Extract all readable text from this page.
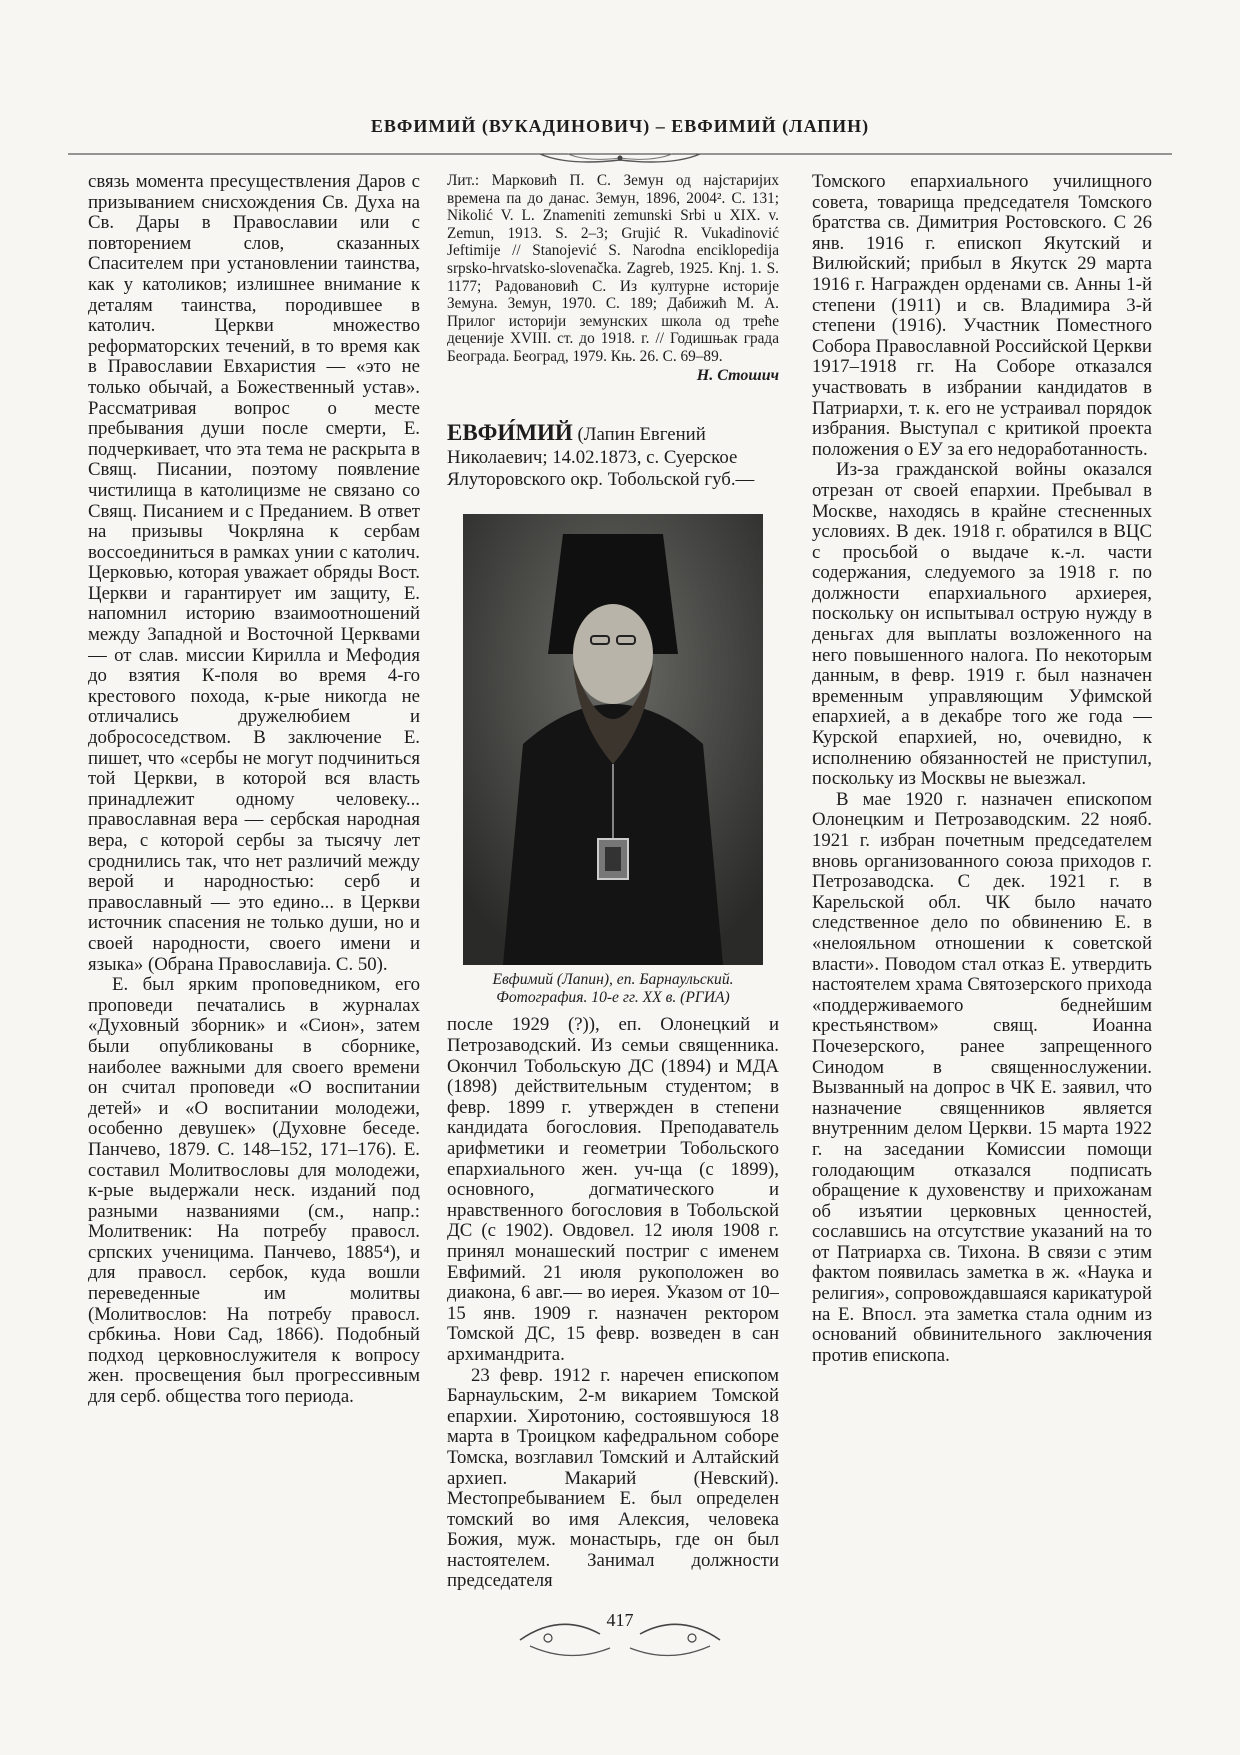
ЕВФИМИЙ (ВУКАДИНОВИЧ) – ЕВФИМИЙ (ЛАПИН)

связь момента пресуществления Даров с призыванием снисхождения Св. Духа на Св. Дары в Православии или с повторением слов, сказанных Спасителем при установлении таинства, как у католиков; излишнее внимание к деталям таинства, породившее в католич. Церкви множество реформаторских течений, в то время как в Православии Евхаристия — «это не только обычай, а Божественный устав». Рассматривая вопрос о месте пребывания души после смерти, Е. подчеркивает, что эта тема не раскрыта в Свящ. Писании, поэтому появление чистилища в католицизме не связано со Свящ. Писанием и с Преданием. В ответ на призывы Чокрляна к сербам воссоединиться в рамках унии с католич. Церковью, которая уважает обряды Вост. Церкви и гарантирует им защиту, Е. напомнил историю взаимоотношений между Западной и Восточной Церквами — от слав. миссии Кирилла и Мефодия до взятия К-поля во время 4-го крестового похода, к-рые никогда не отличались дружелюбием и добрососедством. В заключение Е. пишет, что «сербы не могут подчиниться той Церкви, в которой вся власть принадлежит одному человеку... православная вера — сербская народная вера, с которой сербы за тысячу лет сроднились так, что нет различий между верой и народностью: серб и православный — это едино... в Церкви источник спасения не только души, но и своей народности, своего имени и языка» (Обрана Православиjа. С. 50).

Е. был ярким проповедником, его проповеди печатались в журналах «Духовный зборник» и «Сион», затем были опубликованы в сборнике, наиболее важными для своего времени он считал проповеди «О воспитании детей» и «О воспитании молодежи, особенно девушек» (Духовне беседе. Панчево, 1879. С. 148–152, 171–176). Е. составил Молитвословы для молодежи, к-рые выдержали неск. изданий под разными названиями (см., напр.: Молитвеник: На потребу правосл. српских ученицима. Панчево, 1885⁴), и для правосл. сербок, куда вошли переведенные им молитвы (Молитвослов: На потребу правосл. србкиња. Нови Сад, 1866). Подобный подход церковнослужителя к вопросу жен. просвещения был прогрессивным для серб. общества того периода.

Лит.: Марковић П. С. Земун од најстаријих времена па до данас. Земун, 1896, 2004². С. 131; Nikolić V. L. Znameniti zemunski Srbi u XIX. v. Zemun, 1913. S. 2–3; Grujić R. Vukadinović Jeftimije // Stanojević S. Narodna enciklopedija srpsko-hrvatsko-slovenačka. Zagreb, 1925. Knj. 1. S. 1177; Радовановић С. Из културне историје Земуна. Земун, 1970. С. 189; Дабижић М. А. Прилог историји земунских школа од треће деценије XVIII. ст. до 1918. г. // Годишњак града Београда. Београд, 1979. Књ. 26. С. 69–89.
Н. Стошич
ЕВФИ́МИЙ (Лапин Евгений Николаевич; 14.02.1873, с. Суерское Ялуторовского окр. Тобольской губ.—
Евфимий (Лапин), еп. Барнаульский.
Фотография. 10-е гг. XX в. (РГИА)

после 1929 (?)), еп. Олонецкий и Петрозаводский. Из семьи священника. Окончил Тобольскую ДС (1894) и МДА (1898) действительным студентом; в февр. 1899 г. утвержден в степени кандидата богословия. Преподаватель арифметики и геометрии Тобольского епархиального жен. уч-ща (с 1899), основного, догматического и нравственного богословия в Тобольской ДС (с 1902). Овдовел. 12 июля 1908 г. принял монашеский постриг с именем Евфимий. 21 июля рукоположен во диакона, 6 авг.— во иерея. Указом от 10–15 янв. 1909 г. назначен ректором Томской ДС, 15 февр. возведен в сан архимандрита.

23 февр. 1912 г. наречен епископом Барнаульским, 2-м викарием Томской епархии. Хиротонию, состоявшуюся 18 марта в Троицком кафедральном соборе Томска, возглавил Томский и Алтайский архиеп. Макарий (Невский). Местопребыванием Е. был определен томский во имя Алексия, человека Божия, муж. монастырь, где он был настоятелем. Занимал должности председателя

Томского епархиального училищного совета, товарища председателя Томского братства св. Димитрия Ростовского. С 26 янв. 1916 г. епископ Якутский и Вилюйский; прибыл в Якутск 29 марта 1916 г. Награжден орденами св. Анны 1-й степени (1911) и св. Владимира 3-й степени (1916). Участник Поместного Собора Православной Российской Церкви 1917–1918 гг. На Соборе отказался участвовать в избрании кандидатов в Патриархи, т. к. его не устраивал порядок избрания. Выступал с критикой проекта положения о ЕУ за его недоработанность.

Из-за гражданской войны оказался отрезан от своей епархии. Пребывал в Москве, находясь в крайне стесненных условиях. В дек. 1918 г. обратился в ВЦС с просьбой о выдаче к.-л. части содержания, следуемого за 1918 г. по должности епархиального архиерея, поскольку он испытывал острую нужду в деньгах для выплаты возложенного на него повышенного налога. По некоторым данным, в февр. 1919 г. был назначен временным управляющим Уфимской епархией, а в декабре того же года — Курской епархией, но, очевидно, к исполнению обязанностей не приступил, поскольку из Москвы не выезжал.

В мае 1920 г. назначен епископом Олонецким и Петрозаводским. 22 нояб. 1921 г. избран почетным председателем вновь организованного союза приходов г. Петрозаводска. С дек. 1921 г. в Карельской обл. ЧК было начато следственное дело по обвинению Е. в «нелояльном отношении к советской власти». Поводом стал отказ Е. утвердить настоятелем храма Святозерского прихода «поддерживаемого беднейшим крестьянством» свящ. Иоанна Почезерского, ранее запрещенного Синодом в священнослужении. Вызванный на допрос в ЧК Е. заявил, что назначение священников является внутренним делом Церкви. 15 марта 1922 г. на заседании Комиссии помощи голодающим отказался подписать обращение к духовенству и прихожанам об изъятии церковных ценностей, сославшись на отсутствие указаний на то от Патриарха св. Тихона. В связи с этим фактом появилась заметка в ж. «Наука и религия», сопровождавшаяся карикатурой на Е. Впосл. эта заметка стала одним из оснований обвинительного заключения против епископа.

417
